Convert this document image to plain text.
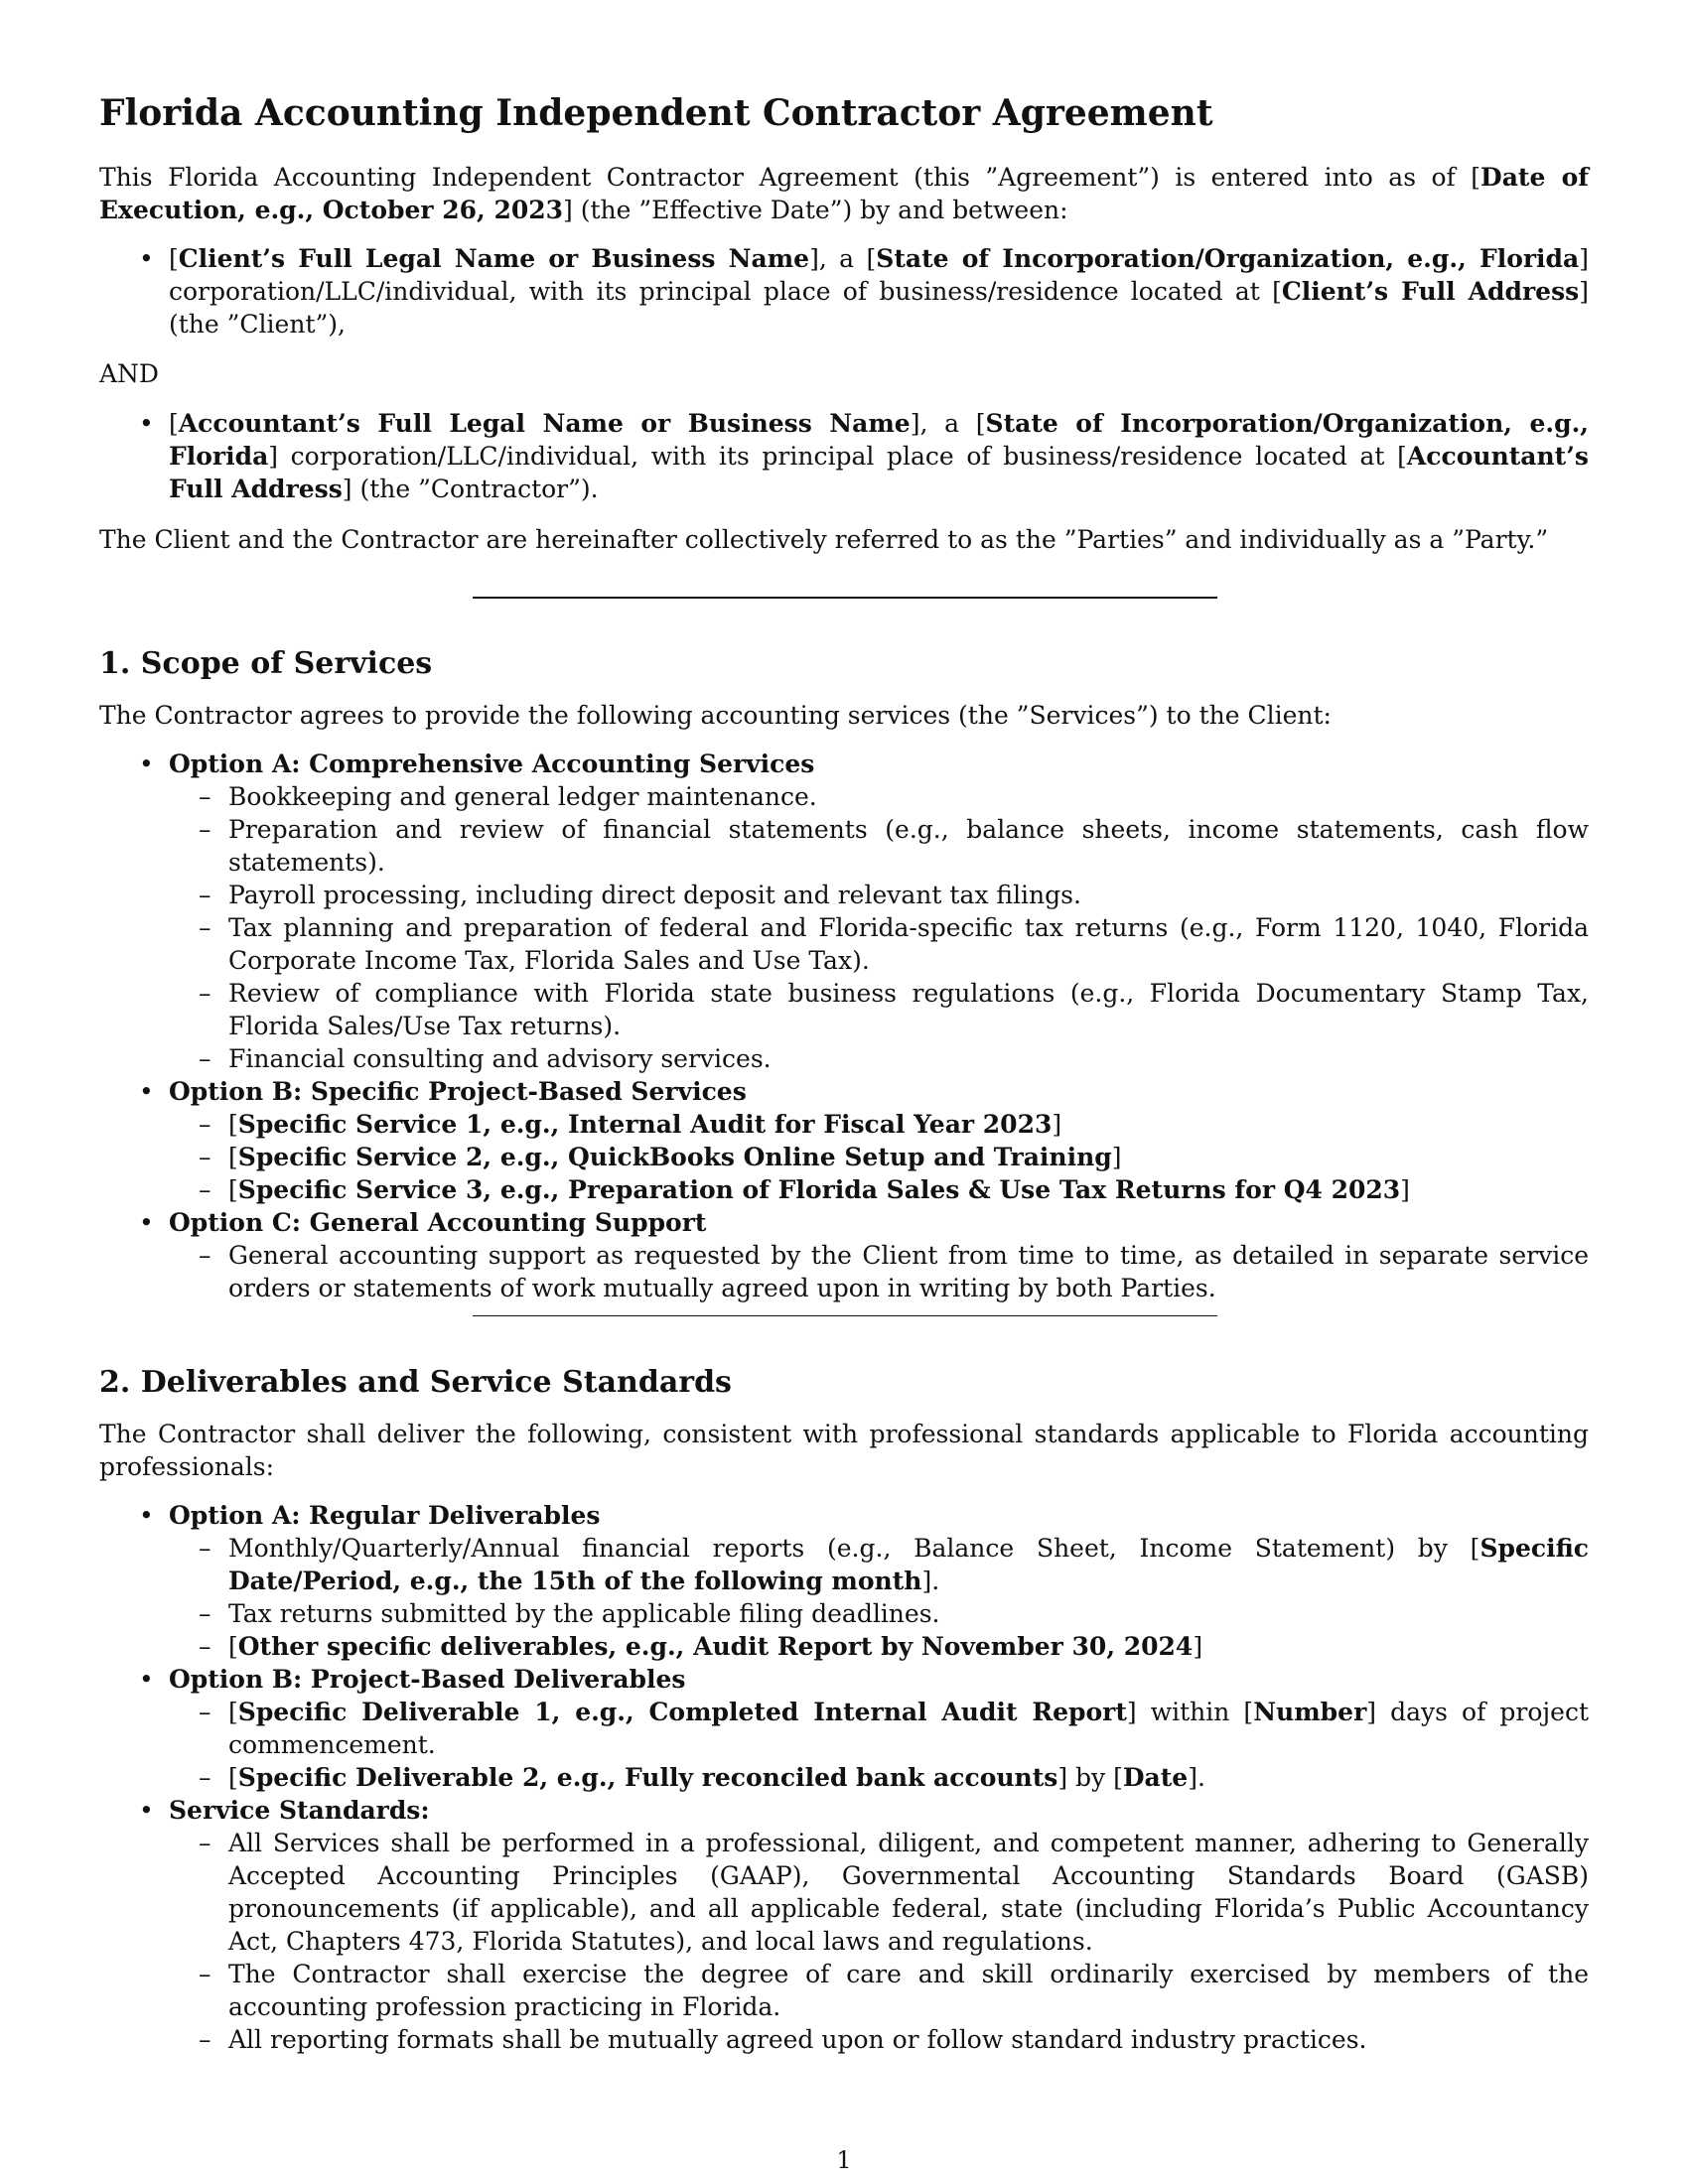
Florida Accounting Independent Contractor Agreement

This Florida Accounting Independent Contractor Agreement (this ”Agreement”) is entered into as of [Date of Execution, e.g., October 26, 2023] (the ”Effective Date”) by and between:

• [Client’s Full Legal Name or Business Name], a [State of Incorporation/Organization, e.g., Florida] corporation/LLC/individual, with its principal place of business/residence located at [Client’s Full Address] (the ”Client”),

AND

• [Accountant’s Full Legal Name or Business Name], a [State of Incorporation/Organization, e.g., Florida] corporation/LLC/individual, with its principal place of business/residence located at [Accountant’s Full Address] (the ”Contractor”).

The Client and the Contractor are hereinafter collectively referred to as the ”Parties” and individually as a ”Party.”

1. Scope of Services

The Contractor agrees to provide the following accounting services (the ”Services”) to the Client:

• Option A: Comprehensive Accounting Services
– Bookkeeping and general ledger maintenance.
– Preparation and review of financial statements (e.g., balance sheets, income statements, cash flow statements).
– Payroll processing, including direct deposit and relevant tax filings.
– Tax planning and preparation of federal and Florida-specific tax returns (e.g., Form 1120, 1040, Florida Corporate Income Tax, Florida Sales and Use Tax).
– Review of compliance with Florida state business regulations (e.g., Florida Documentary Stamp Tax, Florida Sales/Use Tax returns).
– Financial consulting and advisory services.
• Option B: Specific Project-Based Services
– [Specific Service 1, e.g., Internal Audit for Fiscal Year 2023]
– [Specific Service 2, e.g., QuickBooks Online Setup and Training]
– [Specific Service 3, e.g., Preparation of Florida Sales & Use Tax Returns for Q4 2023]
• Option C: General Accounting Support
– General accounting support as requested by the Client from time to time, as detailed in separate service orders or statements of work mutually agreed upon in writing by both Parties.
2. Deliverables and Service Standards

The Contractor shall deliver the following, consistent with professional standards applicable to Florida accounting professionals:

• Option A: Regular Deliverables
– Monthly/Quarterly/Annual financial reports (e.g., Balance Sheet, Income Statement) by [Specific Date/Period, e.g., the 15th of the following month].
– Tax returns submitted by the applicable filing deadlines.
– [Other specific deliverables, e.g., Audit Report by November 30, 2024]
• Option B: Project-Based Deliverables
– [Specific Deliverable 1, e.g., Completed Internal Audit Report] within [Number] days of project commencement.
– [Specific Deliverable 2, e.g., Fully reconciled bank accounts] by [Date].
• Service Standards:
– All Services shall be performed in a professional, diligent, and competent manner, adhering to Generally Accepted Accounting Principles (GAAP), Governmental Accounting Standards Board (GASB) pronouncements (if applicable), and all applicable federal, state (including Florida’s Public Accountancy Act, Chapters 473, Florida Statutes), and local laws and regulations.
– The Contractor shall exercise the degree of care and skill ordinarily exercised by members of the accounting profession practicing in Florida.
– All reporting formats shall be mutually agreed upon or follow standard industry practices.
1
